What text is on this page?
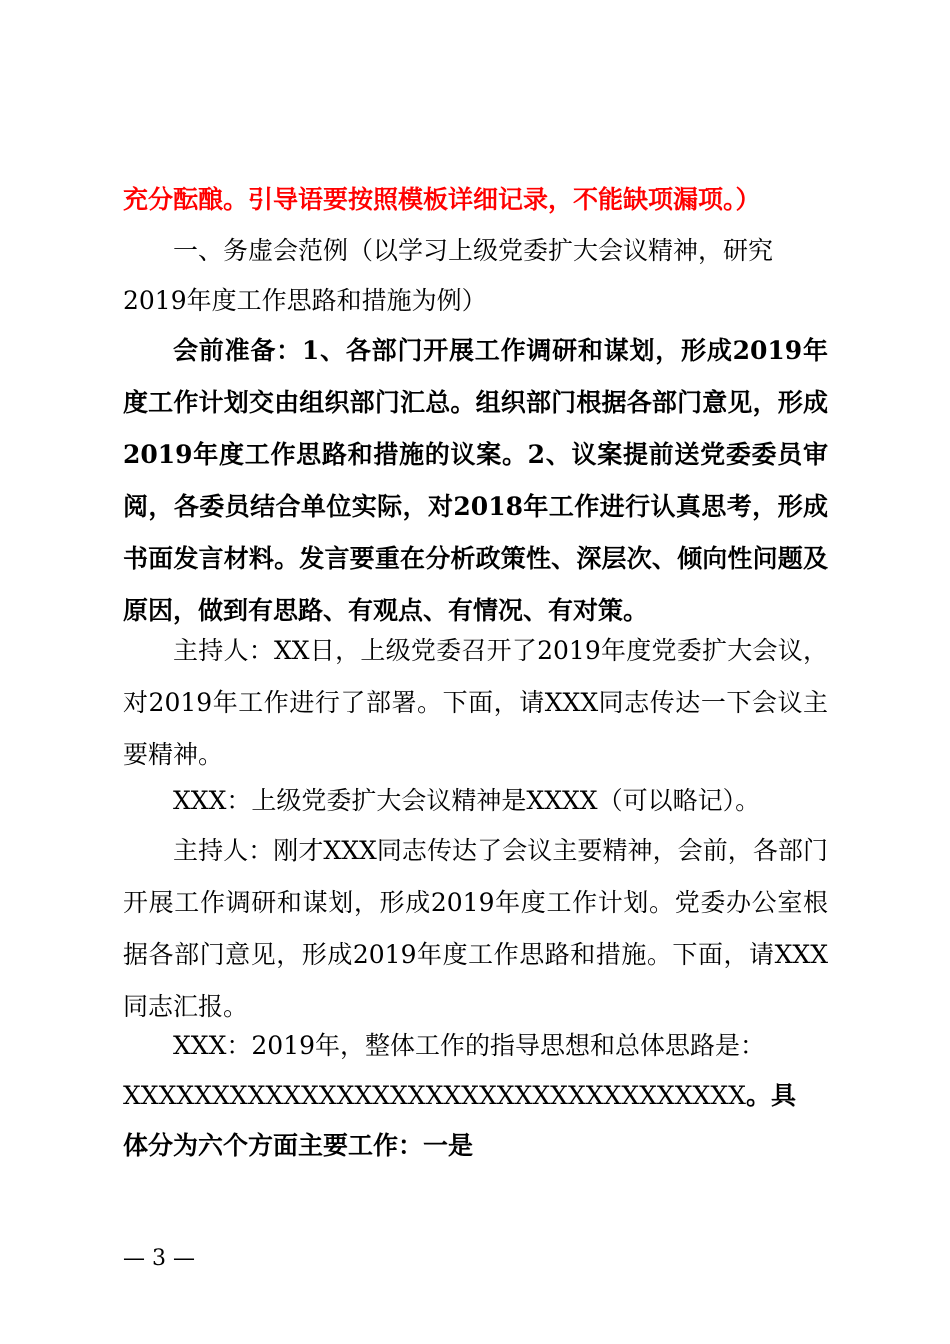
充分酝酿。引导语要按照模板详细记录，不能缺项漏项。）
一、务虚会范例（以学习上级党委扩大会议精神，研究
2019年度工作思路和措施为例）
会前准备：1、各部门开展工作调研和谋划，形成2019年度工作计划交由组织部门汇总。组织部门根据各部门意见，形成2019年度工作思路和措施的议案。2、议案提前送党委委员审阅，各委员结合单位实际，对2018年工作进行认真思考，形成书面发言材料。发言要重在分析政策性、深层次、倾向性问题及原因，做到有思路、有观点、有情况、有对策。
主持人：XX日，上级党委召开了2019年度党委扩大会议，对2019年工作进行了部署。下面，请XXX同志传达一下会议主要精神。
XXX：上级党委扩大会议精神是XXXX（可以略记）。
主持人：刚才XXX同志传达了会议主要精神，会前，各部门开展工作调研和谋划，形成2019年度工作计划。党委办公室根据各部门意见，形成2019年度工作思路和措施。下面，请XXX同志汇报。
XXX：2019年，整体工作的指导思想和总体思路是：
XXXXXXXXXXXXXXXXXXXXXXXXXXXXXXXXXXX。具
体分为六个方面主要工作：一是
— 3 —
